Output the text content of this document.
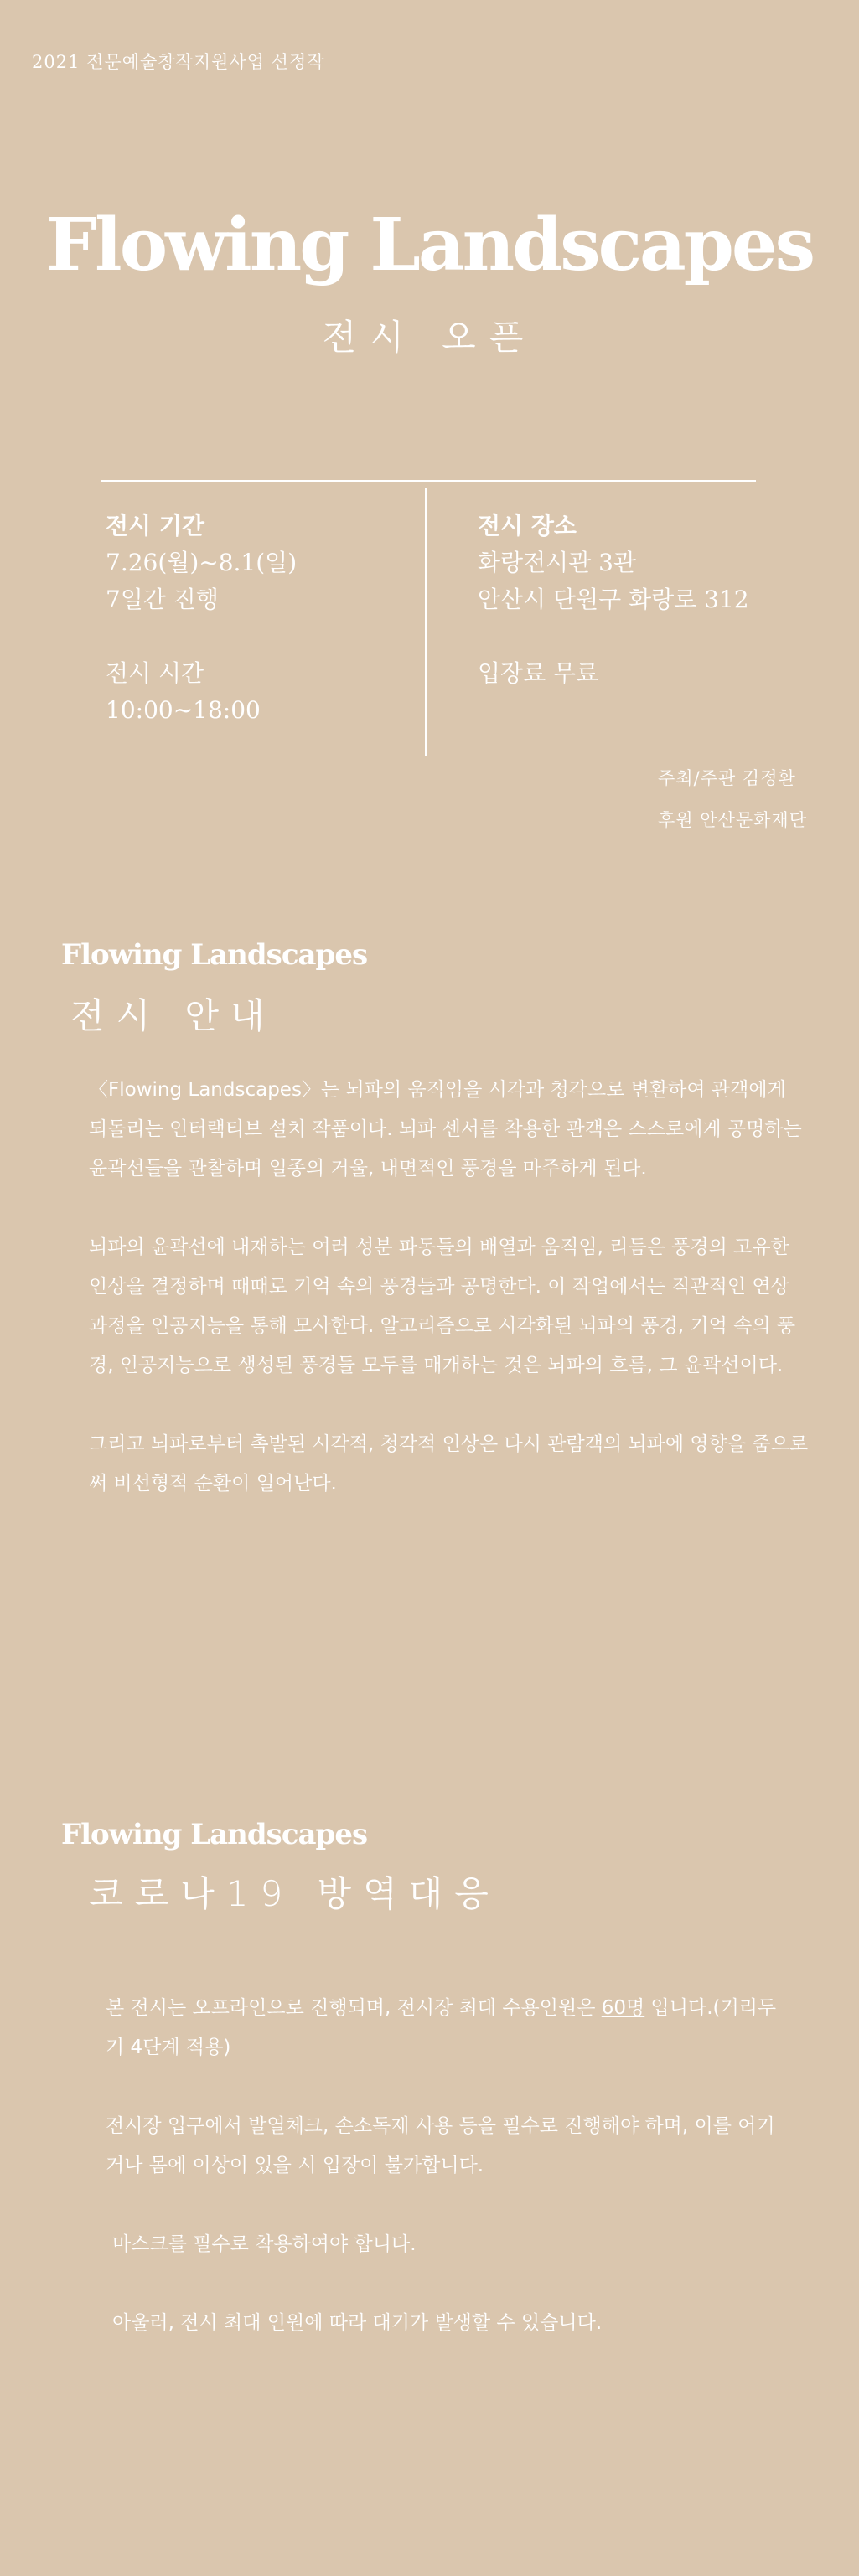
2021 전문예술창작지원사업 선정작
Flowing Landscapes
전시 오픈
전시 기간
7.26(월)~8.1(일)
7일간 진행
전시 시간
10:00~18:00
전시 장소
화랑전시관 3관
안산시 단원구 화랑로 312
입장료 무료
주최/주관 김정환
후원 안산문화재단
Flowing Landscapes
전시 안내

〈Flowing Landscapes〉는 뇌파의 움직임을 시각과 청각으로 변환하여 관객에게 되돌리는 인터랙티브 설치 작품이다. 뇌파 센서를 착용한 관객은 스스로에게 공명하는 윤곽선들을 관찰하며 일종의 거울, 내면적인 풍경을 마주하게 된다.

뇌파의 윤곽선에 내재하는 여러 성분 파동들의 배열과 움직임, 리듬은 풍경의 고유한 인상을 결정하며 때때로 기억 속의 풍경들과 공명한다. 이 작업에서는 직관적인 연상 과정을 인공지능을 통해 모사한다. 알고리즘으로 시각화된 뇌파의 풍경, 기억 속의 풍경, 인공지능으로 생성된 풍경들 모두를 매개하는 것은 뇌파의 흐름, 그 윤곽선이다.

그리고 뇌파로부터 촉발된 시각적, 청각적 인상은 다시 관람객의 뇌파에 영향을 줌으로써 비선형적 순환이 일어난다.

Flowing Landscapes
코로나19 방역대응

본 전시는 오프라인으로 진행되며, 전시장 최대 수용인원은 60명 입니다.(거리두기 4단계 적용)

전시장 입구에서 발열체크, 손소독제 사용 등을 필수로 진행해야 하며, 이를 어기거나 몸에 이상이 있을 시 입장이 불가합니다.

마스크를 필수로 착용하여야 합니다.

아울러, 전시 최대 인원에 따라 대기가 발생할 수 있습니다.
